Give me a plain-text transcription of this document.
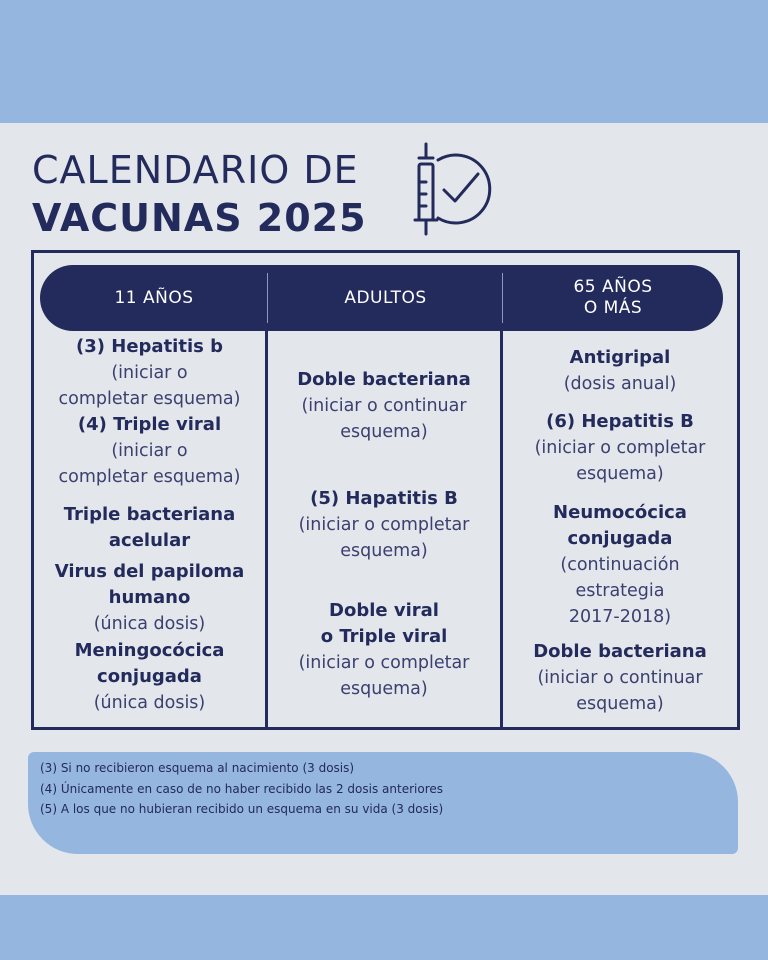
CALENDARIO DE
VACUNAS 2025
11 AÑOS	ADULTOS
65 AÑOS
O MÁS
(3) Hepatitis b
(iniciar o
completar esquema)
(4) Triple viral
(iniciar o
completar esquema)
Triple bacteriana
acelular
Virus del papiloma
humano
(única dosis)
Meningocócica
conjugada
(única dosis)
Doble bacteriana
(iniciar o continuar
esquema)
(5) Hapatitis B
(iniciar o completar
esquema)
Doble viral
o Triple viral
(iniciar o completar
esquema)
Antigripal
(dosis anual)
(6) Hepatitis B
(iniciar o completar
esquema)
Neumocócica
conjugada
(continuación
estrategia
2017-2018)
Doble bacteriana
(iniciar o continuar
esquema)
(3) Si no recibieron esquema al nacimiento (3 dosis)
(4) Únicamente en caso de no haber recibido las 2 dosis anteriores
(5) A los que no hubieran recibido un esquema en su vida (3 dosis)
